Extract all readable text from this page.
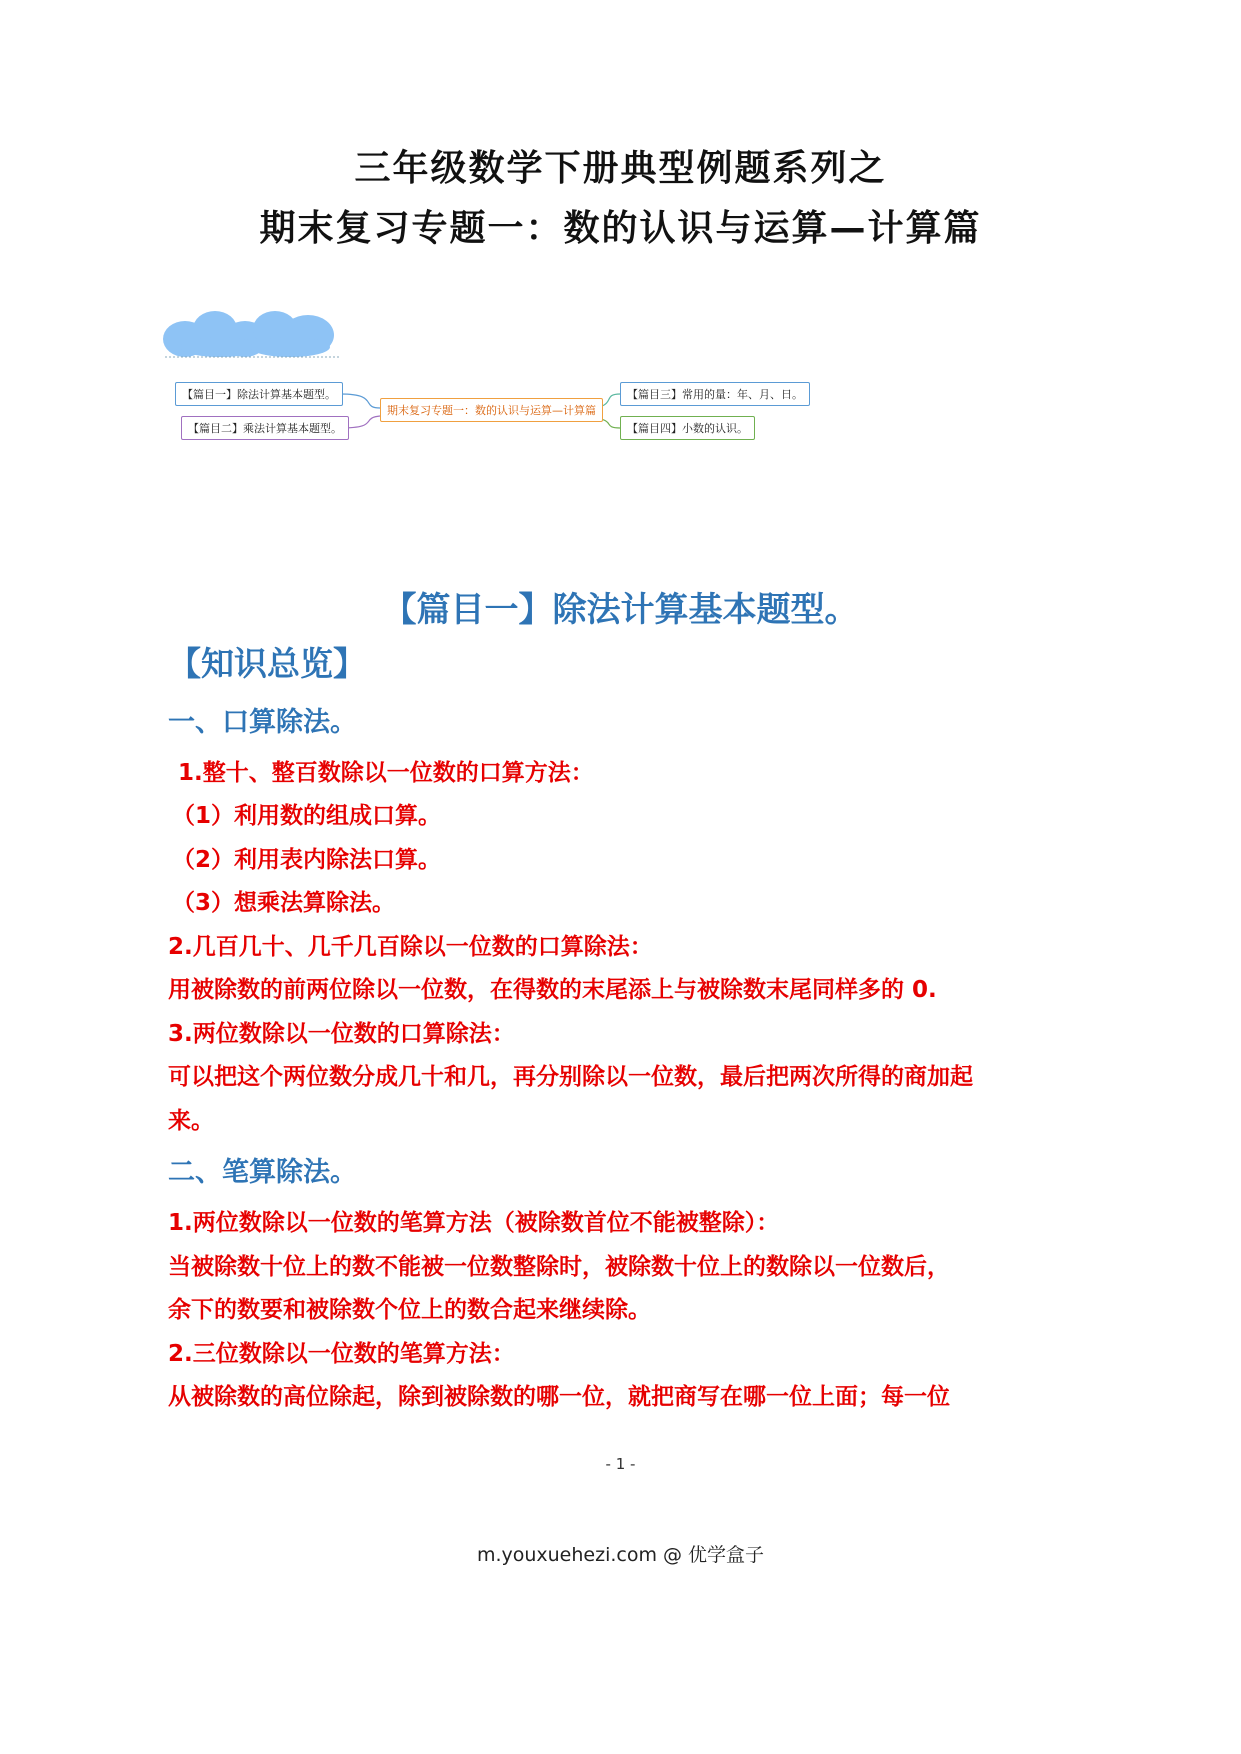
三年级数学下册典型例题系列之
期末复习专题一：数的认识与运算—计算篇
【篇目一】除法计算基本题型。
【篇目二】乘法计算基本题型。
期末复习专题一：数的认识与运算—计算篇
【篇目三】常用的量：年、月、日。
【篇目四】小数的认识。
【篇目一】除法计算基本题型。
【知识总览】
一、口算除法。
1.整十、整百数除以一位数的口算方法：
（1）利用数的组成口算。
（2）利用表内除法口算。
（3）想乘法算除法。
2.几百几十、几千几百除以一位数的口算除法：
用被除数的前两位除以一位数，在得数的末尾添上与被除数末尾同样多的 0.
3.两位数除以一位数的口算除法：
可以把这个两位数分成几十和几，再分别除以一位数，最后把两次所得的商加起
来。
二、笔算除法。
1.两位数除以一位数的笔算方法（被除数首位不能被整除）：
当被除数十位上的数不能被一位数整除时，被除数十位上的数除以一位数后，
余下的数要和被除数个位上的数合起来继续除。
2.三位数除以一位数的笔算方法：
从被除数的高位除起，除到被除数的哪一位，就把商写在哪一位上面；每一位
- 1 -
m.youxuehezi.com @ 优学盒子
